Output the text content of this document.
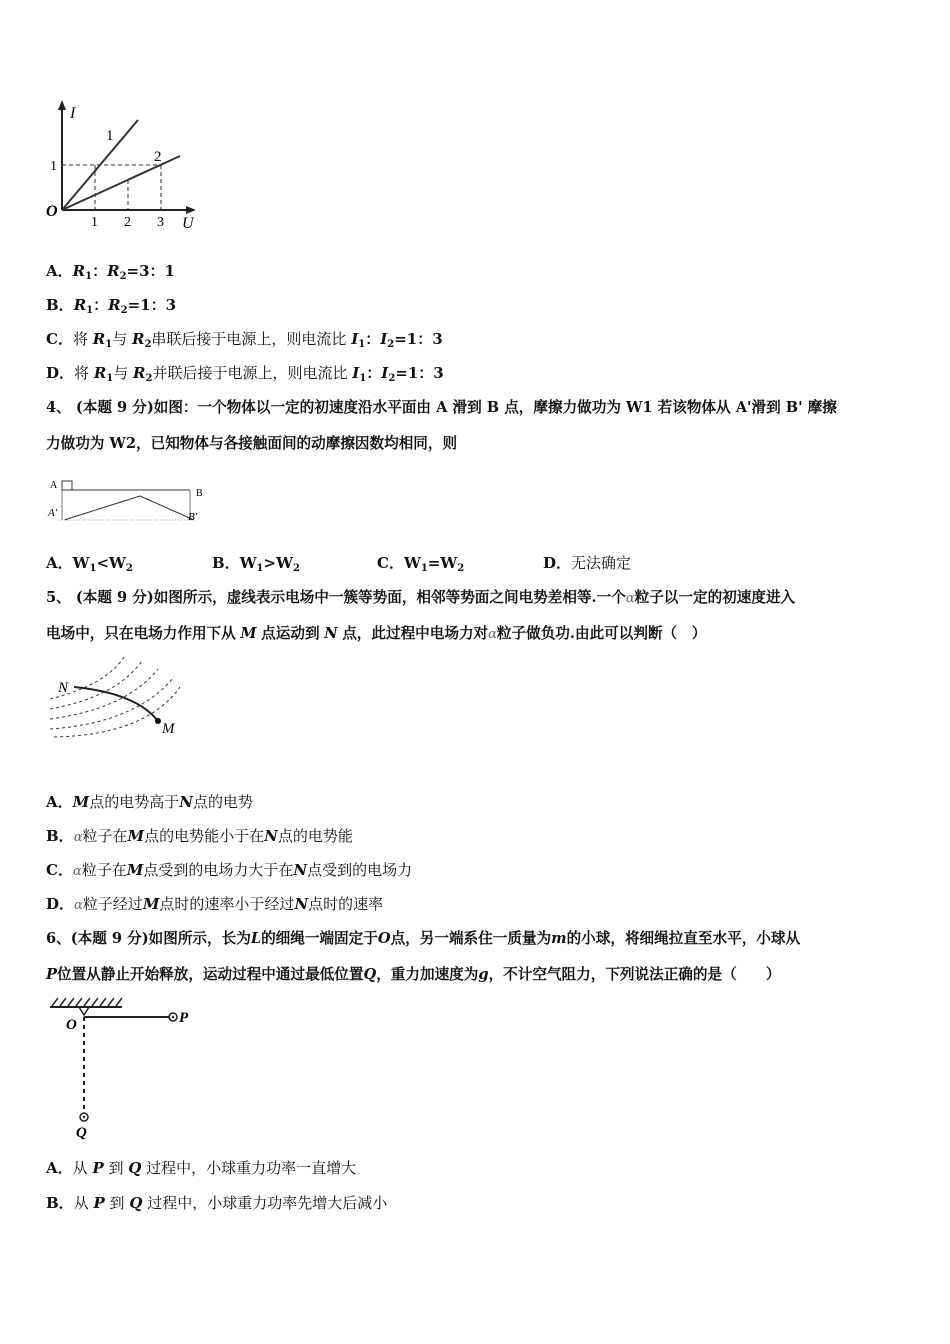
I
U
O
1
2
1
1 2 3
A．$R_1$：$R_2=3$：1
B．$R_1$：$R_2=1$：3
C．将 $R_1$与 $R_2$串联后接于电源上，则电流比 $I_1$：$I_2=1$：3
D．将 $R_1$与 $R_2$并联后接于电源上，则电流比 $I_1$：$I_2=1$：3
4、 (本题 9 分)如图：一个物体以一定的初速度沿水平面由 A 滑到 B 点，摩擦力做功为 W1 若该物体从 A'滑到 B' 摩擦
力做功为 W2，已知物体与各接触面间的动摩擦因数均相同，则
A
B
A'	B'
A．$W_1<W_2$	B．$W_1>W_2$	C．$W_1=W_2$	D．无法确定
5、 (本题 9 分)如图所示，虚线表示电场中一簇等势面，相邻等势面之间电势差相等.一个α粒子以一定的初速度进入
电场中，只在电场力作用下从 M 点运动到 N 点，此过程中电场力对α粒子做负功.由此可以判断（　）
N
M
A．M点的电势高于N点的电势
B．α粒子在M点的电势能小于在N点的电势能
C．α粒子在M点受到的电场力大于在N点受到的电场力
D．α粒子经过M点时的速率小于经过N点时的速率
6、(本题 9 分)如图所示，长为L的细绳一端固定于O点，另一端系住一质量为m的小球，将细绳拉直至水平，小球从
P位置从静止开始释放，运动过程中通过最低位置Q，重力加速度为g，不计空气阻力，下列说法正确的是（　　）
O	P
Q
A．从 P 到 Q 过程中，小球重力功率一直增大
B．从 P 到 Q 过程中，小球重力功率先增大后减小
